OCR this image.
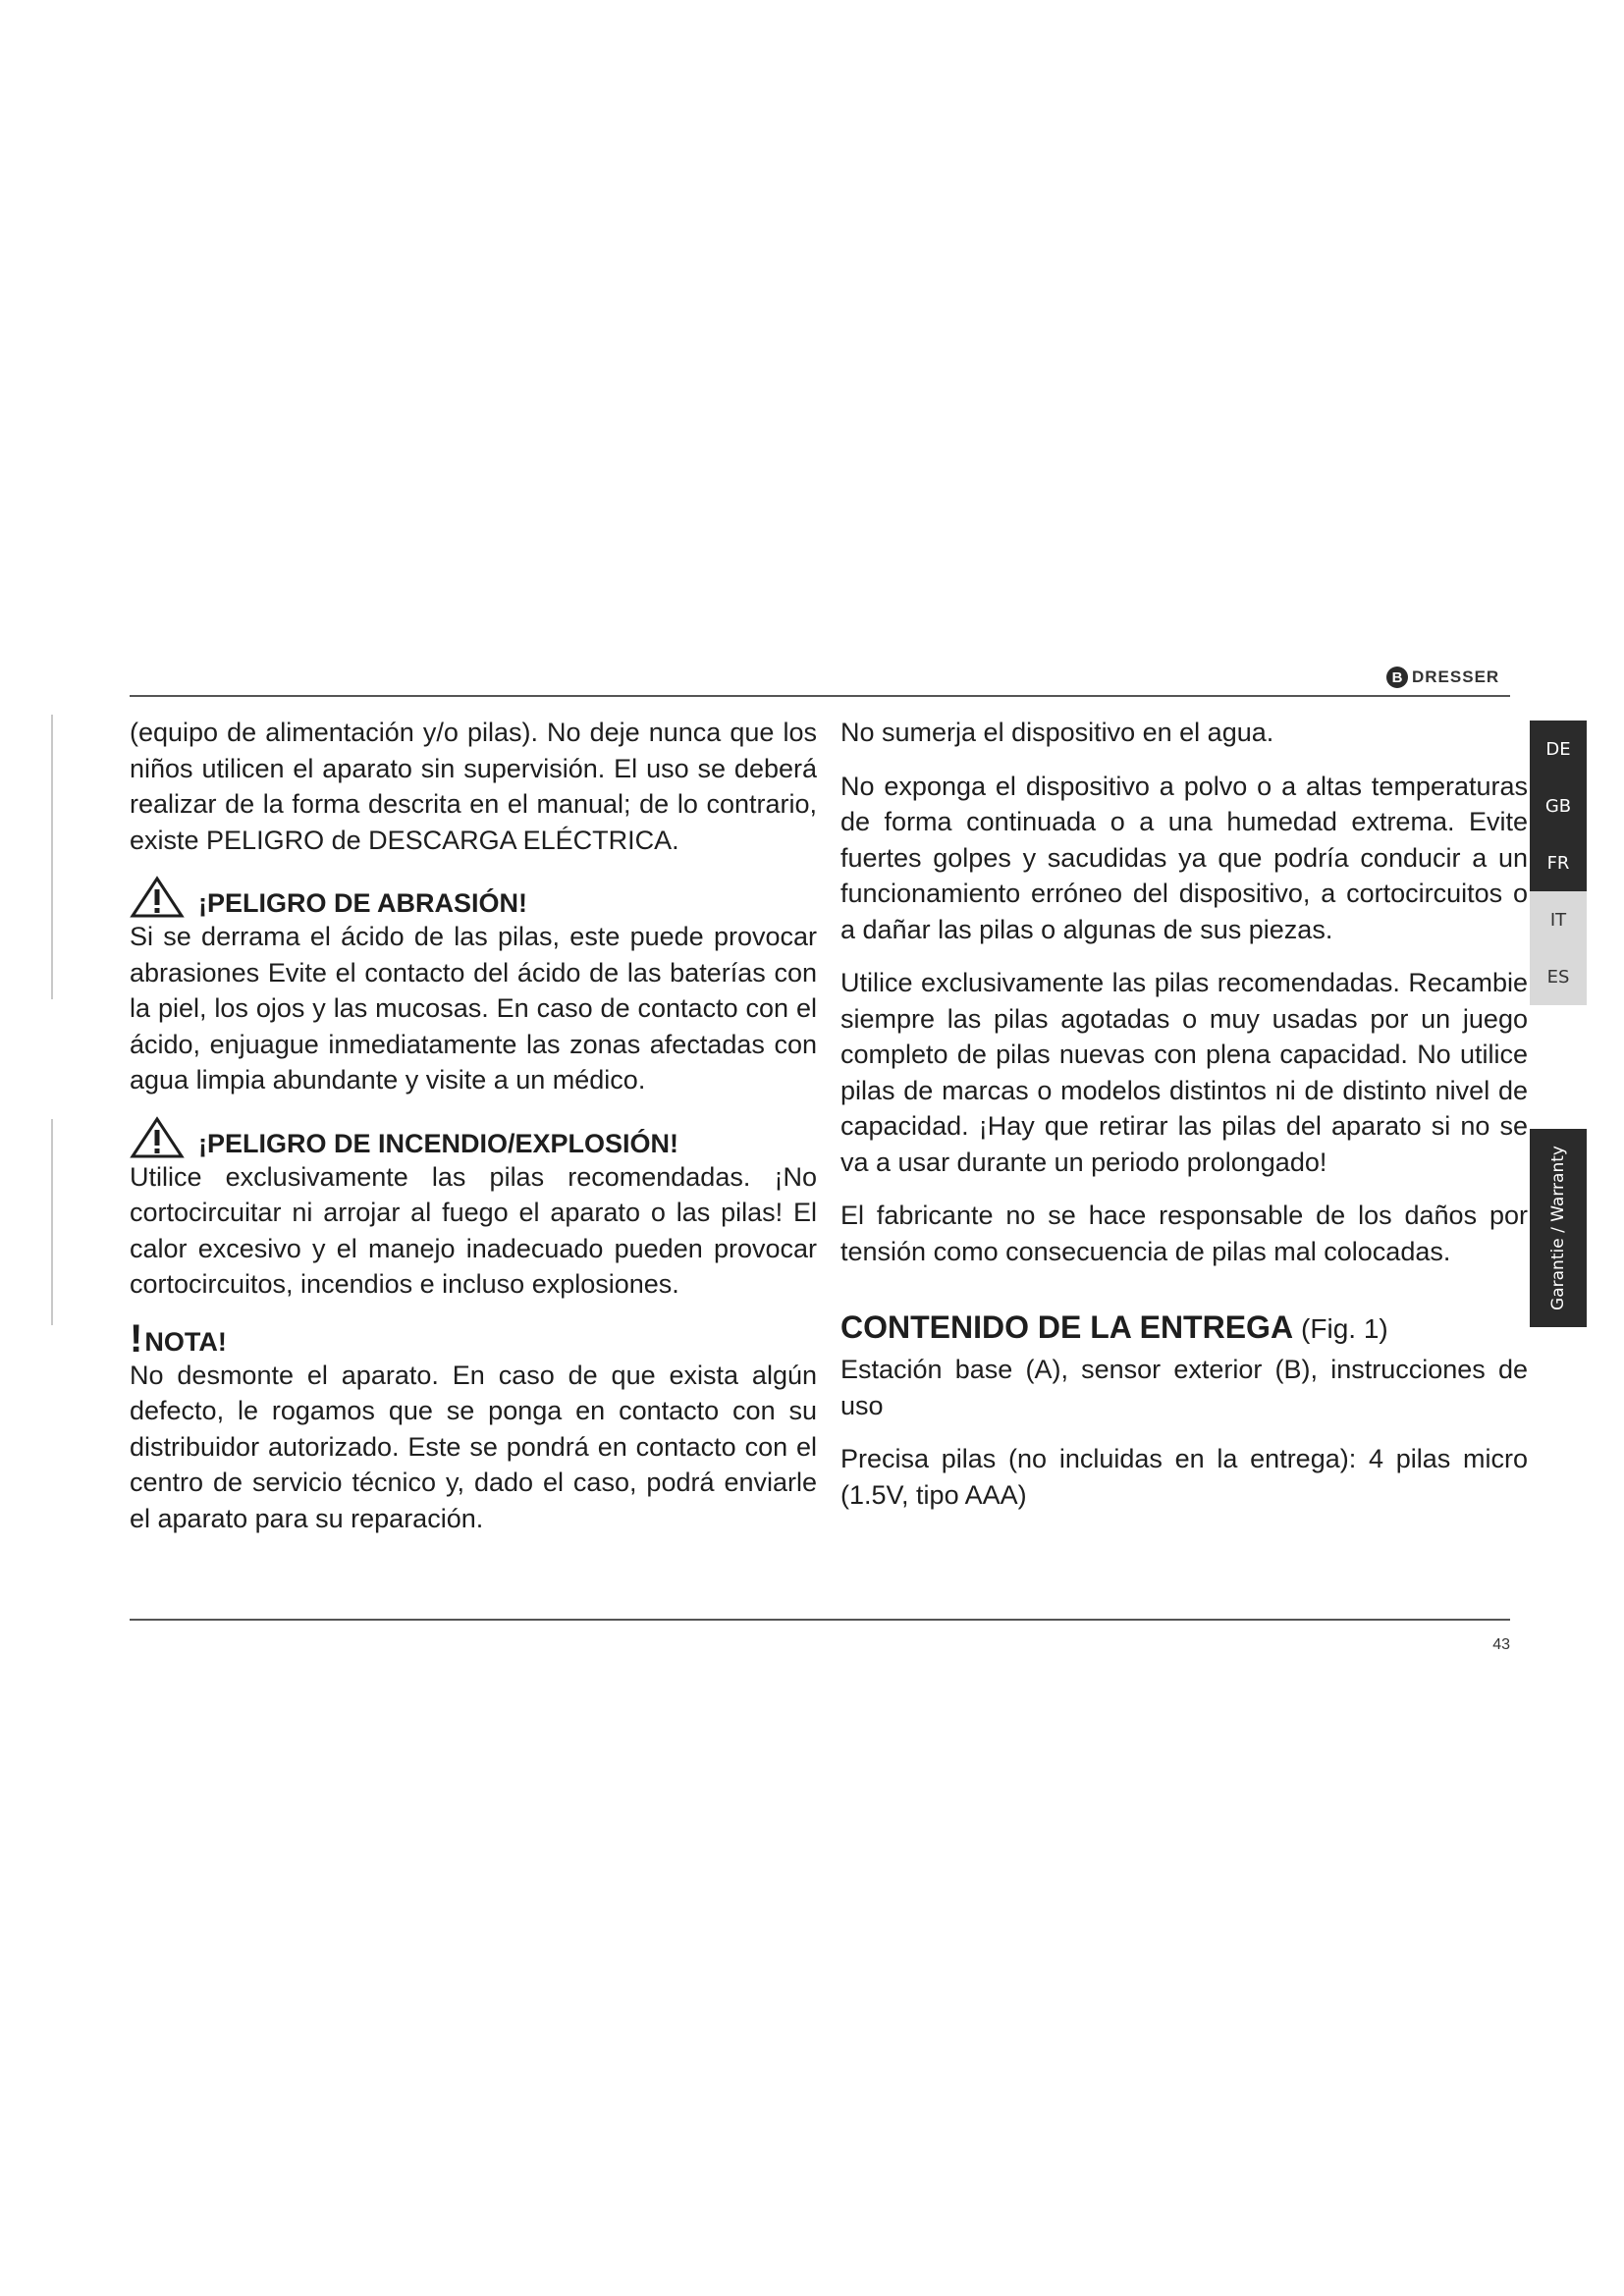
B DRESSER

(equipo de alimentación y/o pilas). No deje nunca que los niños utilicen el aparato sin supervisión. El uso se deberá realizar de la forma descrita en el manual; de lo contrario, existe PELIGRO de DESCARGA ELÉCTRICA.

¡PELIGRO DE ABRASIÓN!

Si se derrama el ácido de las pilas, este puede provocar abrasiones Evite el contacto del ácido de las baterías con la piel, los ojos y las mucosas. En caso de contacto con el ácido, enjuague inmediatamente las zonas afectadas con agua limpia abundante y visite a un médico.

¡PELIGRO DE INCENDIO/EXPLOSIÓN!

Utilice exclusivamente las pilas recomendadas. ¡No cortocircuitar ni arrojar al fuego el aparato o las pilas! El calor excesivo y el manejo inadecuado pueden provocar cortocircuitos, incendios e incluso explosiones.

! NOTA!

No desmonte el aparato. En caso de que exista algún defecto, le rogamos que se ponga en contacto con su distribuidor autorizado. Este se pondrá en contacto con el centro de servicio técnico y, dado el caso, podrá enviarle el aparato para su reparación.

No sumerja el dispositivo en el agua.

No exponga el dispositivo a polvo o a altas temperaturas de forma continuada o a una humedad extrema. Evite fuertes golpes y sacudidas ya que podría conducir a un funcionamiento erróneo del dispositivo, a cortocircuitos o a dañar las pilas o algunas de sus piezas.

Utilice exclusivamente las pilas recomendadas. Recambie siempre las pilas agotadas o muy usadas por un juego completo de pilas nuevas con plena capacidad. No utilice pilas de marcas o modelos distintos ni de distinto nivel de capacidad. ¡Hay que retirar las pilas del aparato si no se va a usar durante un periodo prolongado!

El fabricante no se hace responsable de los daños por tensión como consecuencia de pilas mal colocadas.

CONTENIDO DE LA ENTREGA (Fig. 1)

Estación base (A), sensor exterior (B), instrucciones de uso

Precisa pilas (no incluidas en la entrega): 4 pilas micro (1.5V, tipo AAA)

DE
GB
FR
IT
ES
Garantie / Warranty
43
